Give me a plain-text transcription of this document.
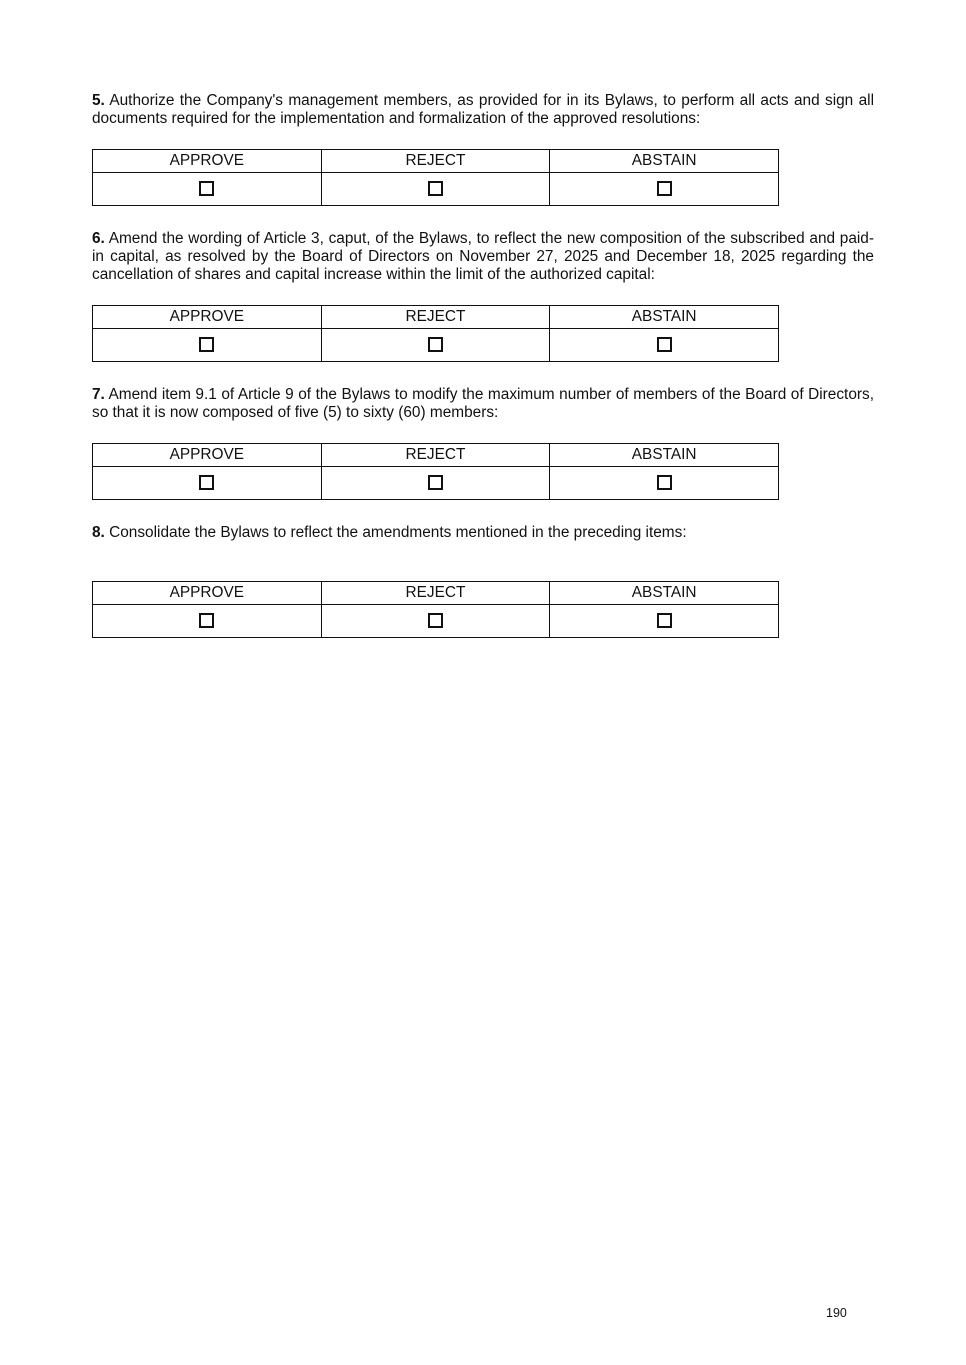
5. Authorize the Company's management members, as provided for in its Bylaws, to perform all acts and sign all documents required for the implementation and formalization of the approved resolutions:

APPROVE	REJECT	ABSTAIN

6. Amend the wording of Article 3, caput, of the Bylaws, to reflect the new composition of the subscribed and paid-in capital, as resolved by the Board of Directors on November 27, 2025 and December 18, 2025 regarding the cancellation of shares and capital increase within the limit of the authorized capital:

APPROVE	REJECT	ABSTAIN

7. Amend item 9.1 of Article 9 of the Bylaws to modify the maximum number of members of the Board of Directors, so that it is now composed of five (5) to sixty (60) members:

APPROVE	REJECT	ABSTAIN

8. Consolidate the Bylaws to reflect the amendments mentioned in the preceding items:

APPROVE	REJECT	ABSTAIN

190
